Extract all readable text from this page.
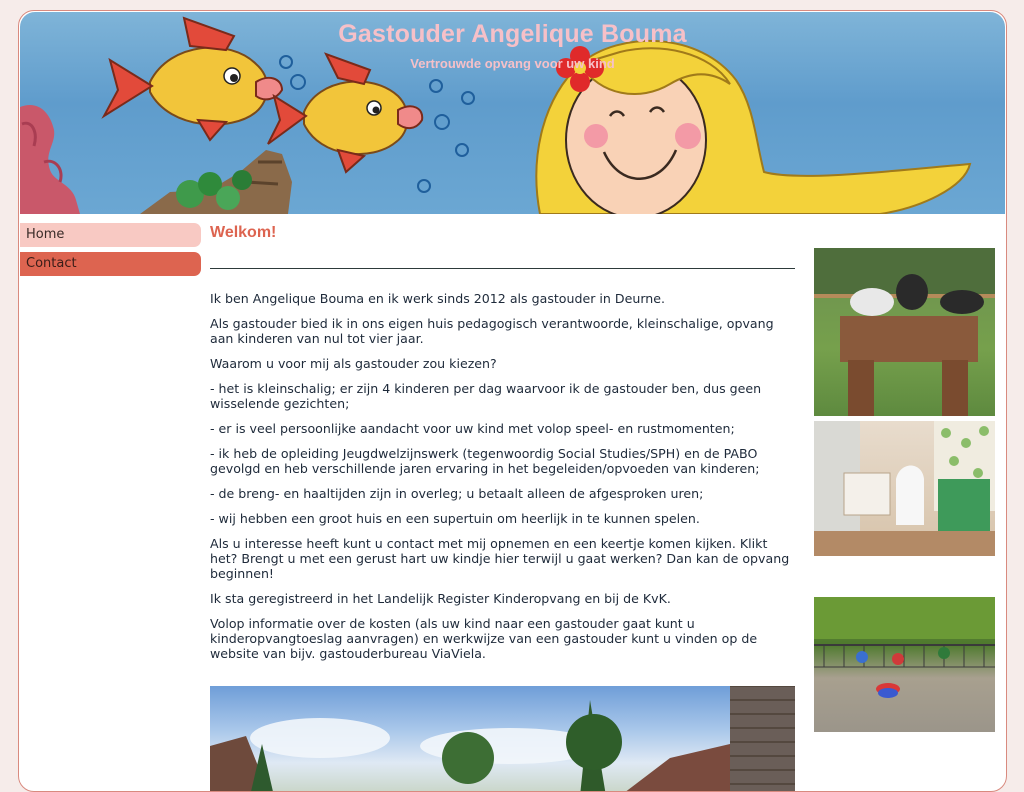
Gastouder Angelique Bouma
Vertrouwde opvang voor uw kind
Home
Contact
Welkom!

Ik ben Angelique Bouma en ik werk sinds 2012 als gastouder in Deurne.

Als gastouder bied ik in ons eigen huis pedagogisch verantwoorde, kleinschalige, opvang aan kinderen van nul tot vier jaar.

Waarom u voor mij als gastouder zou kiezen?

- het is kleinschalig; er zijn 4 kinderen per dag waarvoor ik de gastouder ben, dus geen wisselende gezichten;

- er is veel persoonlijke aandacht voor uw kind met volop speel- en rustmomenten;

- ik heb de opleiding Jeugdwelzijnswerk (tegenwoordig Social Studies/SPH) en de PABO gevolgd en heb verschillende jaren ervaring in het begeleiden/opvoeden van kinderen;

- de breng- en haaltijden zijn in overleg; u betaalt alleen de afgesproken uren;

- wij hebben een groot huis en een supertuin om heerlijk in te kunnen spelen.

Als u interesse heeft kunt u contact met mij opnemen en een keertje komen kijken. Klikt het? Brengt u met een gerust hart uw kindje hier terwijl u gaat werken? Dan kan de opvang beginnen!

Ik sta geregistreerd in het Landelijk Register Kinderopvang en bij de KvK.

Volop informatie over de kosten (als uw kind naar een gastouder gaat kunt u kinderopvangtoeslag aanvragen) en werkwijze van een gastouder kunt u vinden op de website van bijv. gastouderbureau ViaViela.
